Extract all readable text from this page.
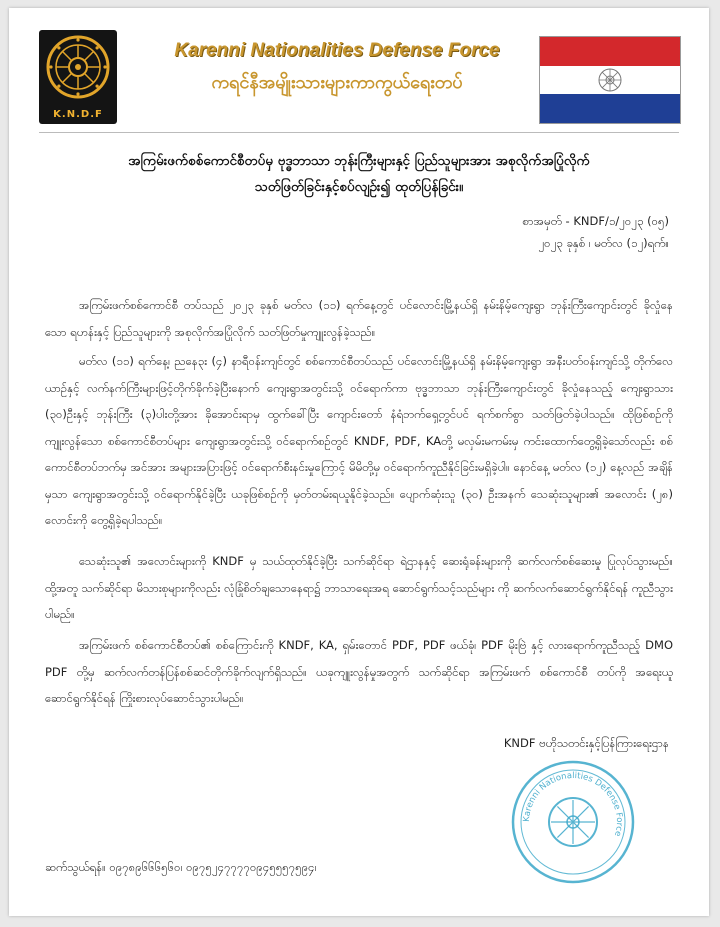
K.N.D.F
Karenni Nationalities Defense Force
ကရင်နီအမျိုးသားများကာကွယ်ရေးတပ်
အကြမ်းဖက်စစ်ကောင်စီတပ်မှ ဗုဒ္ဓဘာသာ ဘုန်းကြီးများနှင့် ပြည်သူများအား အစုလိုက်အပြုံလိုက်
သတ်ဖြတ်ခြင်းနှင့်စပ်လျဥ်း၍ ထုတ်ပြန်ခြင်း။
စာအမှတ် - KNDF/၁/၂၀၂၃ (၀၅)
၂၀၂၃ ခုနှစ် ၊ မတ်လ (၁၂)ရက်။

အကြမ်းဖက်စစ်ကောင်စီ တပ်သည် ၂၀၂၃ ခုနှစ် မတ်လ (၁၁) ရက်နေ့တွင် ပင်လောင်းမြို့နယ်ရှိ နမ်းနိမ့်ကျေးရွာ ဘုန်းကြီးကျောင်းတွင် ခိုလှုံနေသော ရဟန်းနှင့် ပြည်သူများကို အစုလိုက်အပြုံလိုက် သတ်ဖြတ်မှုကျူးလွန်ခဲ့သည်။

မတ်လ (၁၁) ရက်နေ့၊ ညနေ၃း (၄) နာရီဝန်းကျင်တွင် စစ်ကောင်စီတပ်သည် ပင်လောင်းမြို့နယ်ရှိ နမ်းနိမ့်ကျေးရွာ အနီးပတ်ဝန်းကျင်သို့ တိုက်လေယာဥ်နှင့် လက်နက်ကြီးများဖြင့်တိုက်ခိုက်ခဲ့ပြီးနောက် ကျေးရွာအတွင်းသို့ ဝင်ရောက်ကာ ဗုဒ္ဓဘာသာ ဘုန်းကြီးကျောင်းတွင် ခိုလှုံနေသည့် ကျေးရွာသား (၃၀)ဦးနှင့် ဘုန်းကြီး (၃)ပါးတို့အား ခိုအောင်းရာမှ ထွက်ခေါ်ပြီး ကျောင်းတော် နံရံဘက်ရှေ့တွင်ပင် ရက်စက်စွာ သတ်ဖြတ်ခဲ့ပါသည်။ ထိုဖြစ်စဥ်ကို ကျူးလွန်သော စစ်ကောင်စီတပ်များ ကျေးရွာအတွင်းသို့ ဝင်ရောက်စဥ်တွင် KNDF, PDF, KAတို့ မလှမ်းမကမ်းမှ ကင်းထောက်တွေ့ရှိခဲ့သော်လည်း စစ်ကောင်စီတပ်ဘက်မှ အင်အား အများအပြားဖြင့် ဝင်ရောက်စီးနင်းမှုကြောင့် မိမိတို့မှ ဝင်ရောက်ကူညီနိုင်ခြင်းမရှိခဲ့ပါ။ နောင်နေ့ မတ်လ (၁၂) နေ့လည် အချိန်မှသာ ကျေးရွာအတွင်းသို့ ဝင်ရောက်နိုင်ခဲ့ပြီး ယခုဖြစ်စဥ်ကို မှတ်တမ်းရယူနိုင်ခဲ့သည်။ ပျောက်ဆုံးသူ (၃၀) ဦးအနက် သေဆုံးသူများ၏ အလောင်း (၂၈) လောင်းကို တွေ့ရှိခဲ့ရပါသည်။

သေဆုံးသူ၏ အလောင်းများကို KNDF မှ သယ်ထုတ်နိုင်ခဲ့ပြီး သက်ဆိုင်ရာ ရဲဌာနနှင့် ဆေးရုံခန်းများကို ဆက်လက်စစ်ဆေးမှု ပြုလုပ်သွားမည်။ ထို့အတူ သက်ဆိုင်ရာ မိသားစုများကိုလည်း လုံခြုံစိတ်ချသောနေရာ၌ ဘာသာရေးအရ ဆောင်ရွက်သင့်သည်များ ကို ဆက်လက်ဆောင်ရွက်နိုင်ရန် ကူညီသွားပါမည်။

အကြမ်းဖက် စစ်ကောင်စီတပ်၏ စစ်ကြောင်းကို KNDF, KA, ရှမ်းတောင် PDF, PDF ဖယ်ခုံ၊ PDF မိုးဗြဲ နှင့် လားရောက်ကူညီသည့် DMO PDF တို့မှ ဆက်လက်တန်ပြန်စစ်ဆင်တိုက်ခိုက်လျက်ရှိသည်။ ယခုကျူးလွန်မှုအတွက် သက်ဆိုင်ရာ အကြမ်းဖက် စစ်ကောင်စီ တပ်ကို အရေးယူဆောင်ရွက်နိုင်ရန် ကြိုးစားလုပ်ဆောင်သွားပါမည်။

KNDF ဗဟိုသတင်းနှင့်ပြန်ကြားရေးဌာန
Karenni Nationalities Defense Force
ဆက်သွယ်ရန်။ ၀၉၇၈၉၆၆၆၅၆၀၊ ၀၉၇၅၂၄၇၇၇၇၀၉၄၅၅၅၇၅၉၄၊
